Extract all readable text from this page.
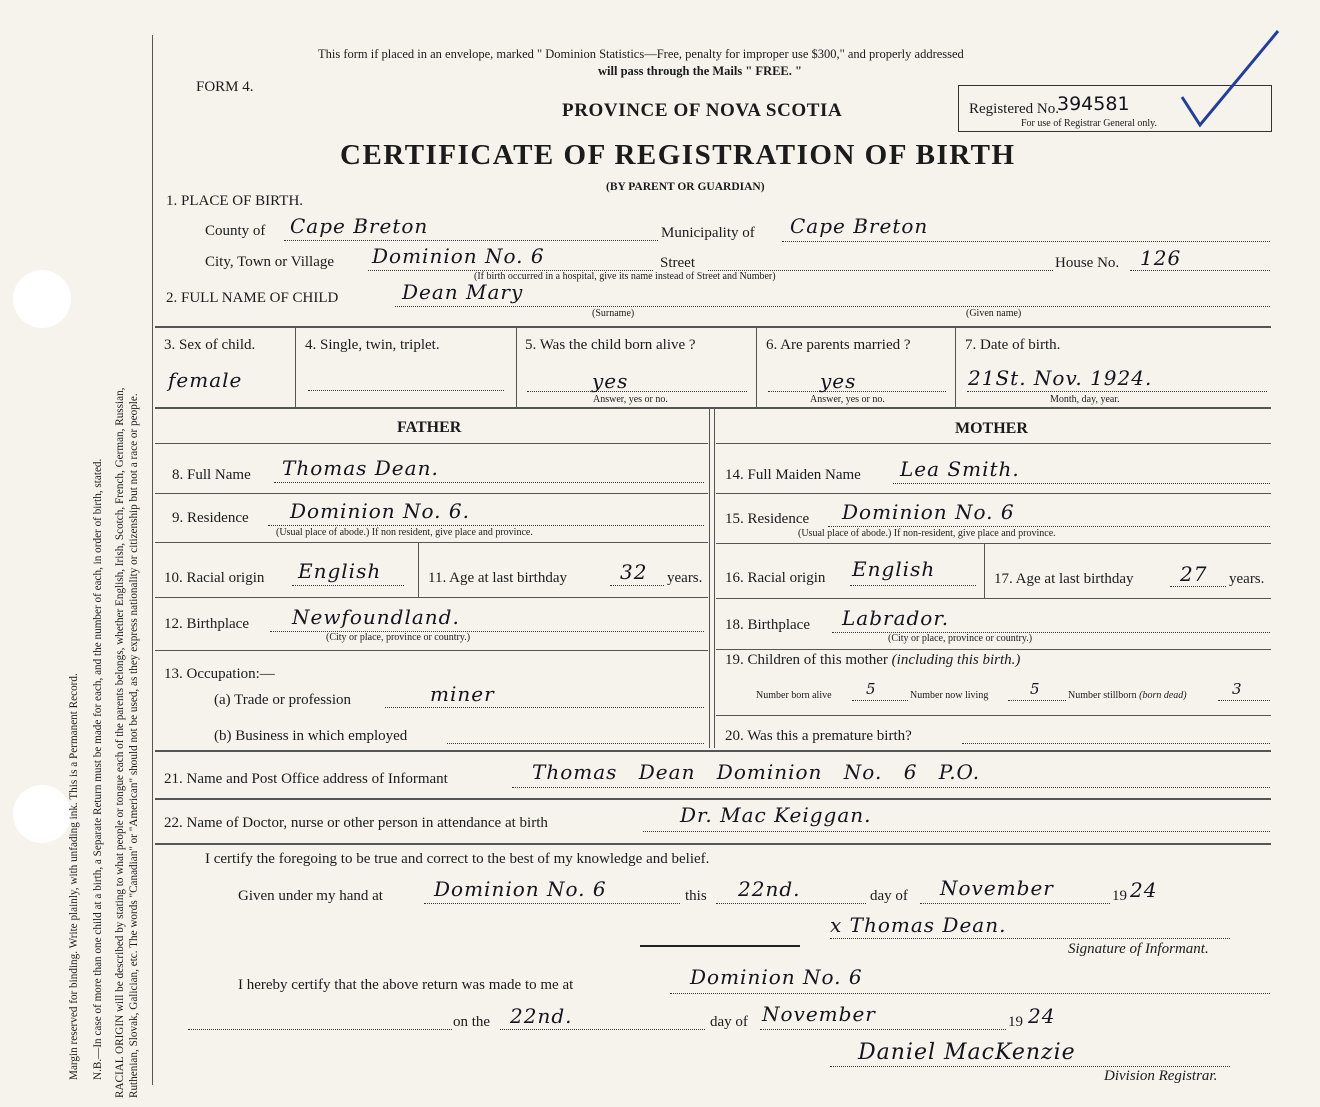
Margin reserved for binding. Write plainly, with unfading ink. This is a Permanent Record. N.B.—In case of more than one child at a birth, a Separate Return must be made for each, and the number of each, in order of birth, stated. RACIAL ORIGIN will be described by stating to what people or tongue each of the parents belongs, whether English, Irish, Scotch, French, German, Russian, Ruthenian, Slovak, Galician, etc. The words "Canadian" or "American" should not be used, as they express nationality or citizenship but not a race or people.
This form if placed in an envelope, marked " Dominion Statistics—Free, penalty for improper use $300," and properly addressed
will pass through the Mails " FREE. "
FORM 4.
PROVINCE OF NOVA SCOTIA	Registered No.
394581
For use of Registrar General only.
CERTIFICATE OF REGISTRATION OF BIRTH
(BY PARENT OR GUARDIAN)
1. PLACE OF BIRTH.
County of Cape Breton	Municipality of Cape Breton
City, Town or Village Dominion No. 6	Street	House No. 126
(If birth occurred in a hospital, give its name instead of Street and Number)
2. FULL NAME OF CHILD	Dean Mary
(Surname)	(Given name)
3. Sex of child.
female
4. Single, twin, triplet.	5. Was the child born alive ?
yes
Answer, yes or no.
6. Are parents married ?
yes
Answer, yes or no.
7. Date of birth.
21St. Nov. 1924.
Month, day, year.
FATHER	MOTHER
8. Full Name Thomas Dean.
9. Residence Dominion No. 6.
(Usual place of abode.) If non resident, give place and province.
10. Racial origin English	11. Age at last birthday	32 years.
12. Birthplace Newfoundland.
(City or place, province or country.)
13. Occupation:—
(a) Trade or profession	miner
(b) Business in which employed
14. Full Maiden Name Lea Smith.
15. Residence Dominion No. 6
(Usual place of abode.) If non-resident, give place and province.
16. Racial origin English	17. Age at last birthday 27 years.
18. Birthplace Labrador.
(City or place, province or country.)
19. Children of this mother (including this birth.)
Number born alive 5	Number now living	5	Number stillborn (born dead)	3
20. Was this a premature birth?
21. Name and Post Office address of Informant	Thomas Dean Dominion No. 6 P.O.
22. Name of Doctor, nurse or other person in attendance at birth	Dr. Mac Keiggan.
I certify the foregoing to be true and correct to the best of my knowledge and belief.
Given under my hand at	Dominion No. 6	this 22nd.	day of November	19 24
x Thomas Dean.
Signature of Informant.
I hereby certify that the above return was made to me at	Dominion No. 6
on the 22nd.	day of November	19 24
Daniel MacKenzie
Division Registrar.
